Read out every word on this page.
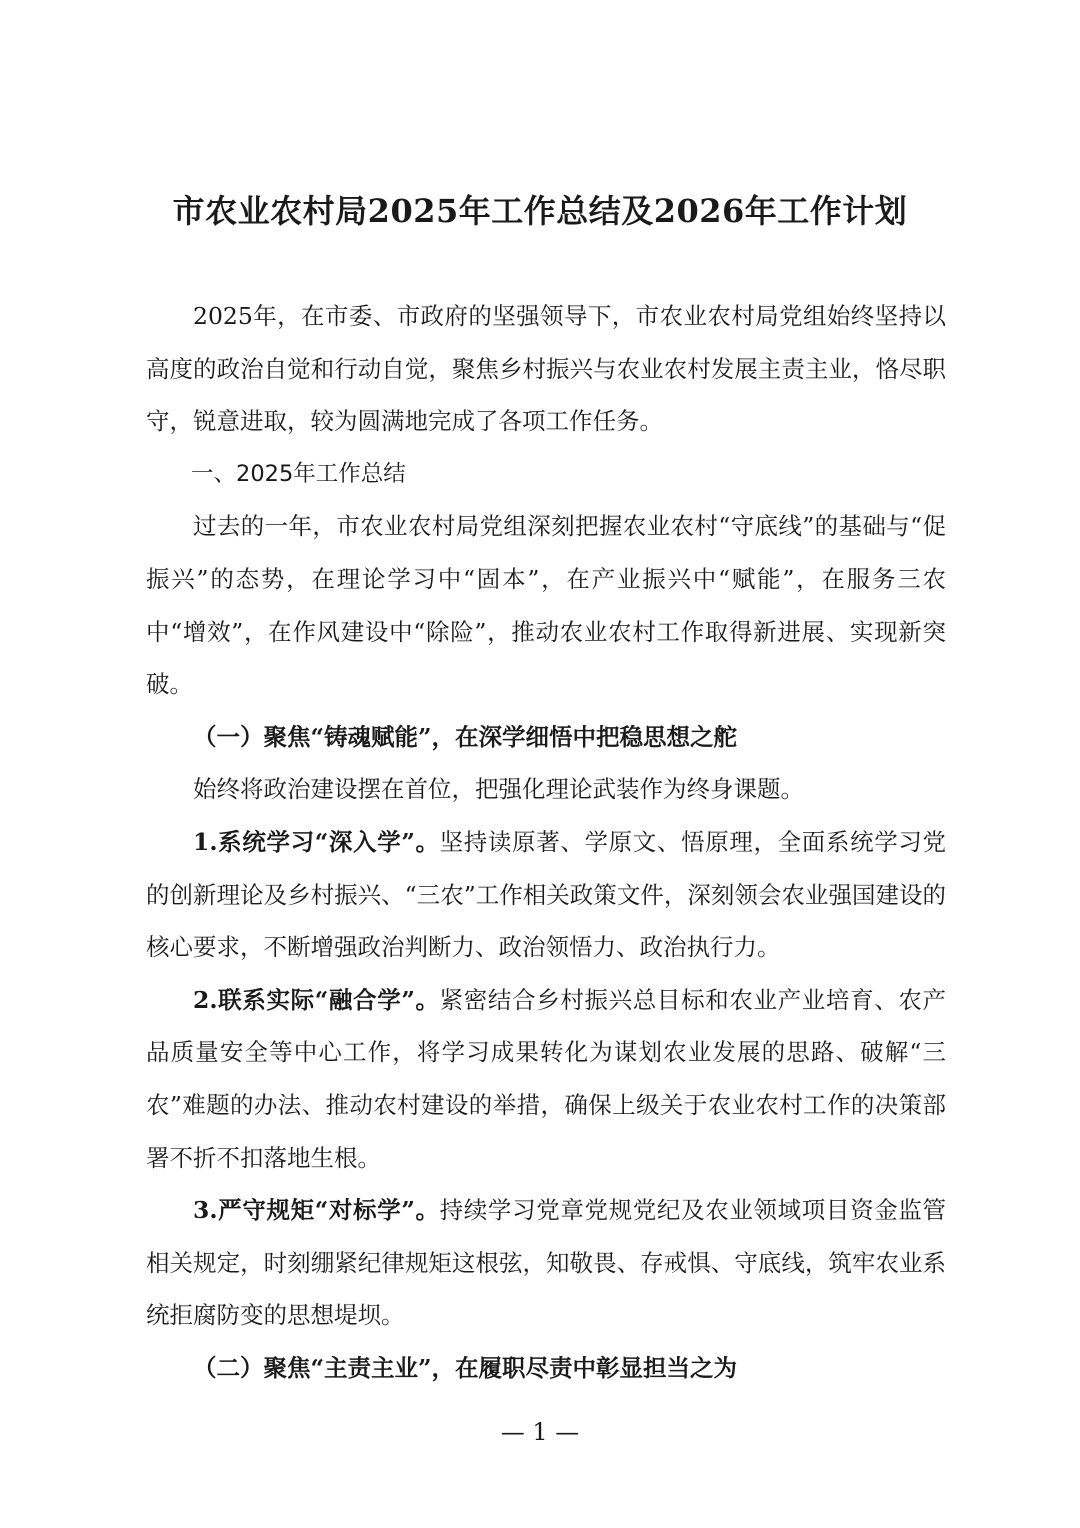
市农业农村局2025年工作总结及2026年工作计划

2025年，在市委、市政府的坚强领导下，市农业农村局党组始终坚持以高度的政治自觉和行动自觉，聚焦乡村振兴与农业农村发展主责主业，恪尽职守，锐意进取，较为圆满地完成了各项工作任务。

一、2025年工作总结

过去的一年，市农业农村局党组深刻把握农业农村“守底线”的基础与“促振兴”的态势，在理论学习中“固本”，在产业振兴中“赋能”，在服务三农中“增效”，在作风建设中“除险”，推动农业农村工作取得新进展、实现新突破。

（一）聚焦“铸魂赋能”，在深学细悟中把稳思想之舵

始终将政治建设摆在首位，把强化理论武装作为终身课题。

1.系统学习“深入学”。坚持读原著、学原文、悟原理，全面系统学习党的创新理论及乡村振兴、“三农”工作相关政策文件，深刻领会农业强国建设的核心要求，不断增强政治判断力、政治领悟力、政治执行力。

2.联系实际“融合学”。紧密结合乡村振兴总目标和农业产业培育、农产品质量安全等中心工作，将学习成果转化为谋划农业发展的思路、破解“三农”难题的办法、推动农村建设的举措，确保上级关于农业农村工作的决策部署不折不扣落地生根。

3.严守规矩“对标学”。持续学习党章党规党纪及农业领域项目资金监管相关规定，时刻绷紧纪律规矩这根弦，知敬畏、存戒惧、守底线，筑牢农业系统拒腐防变的思想堤坝。

（二）聚焦“主责主业”，在履职尽责中彰显担当之为

— 1 —
